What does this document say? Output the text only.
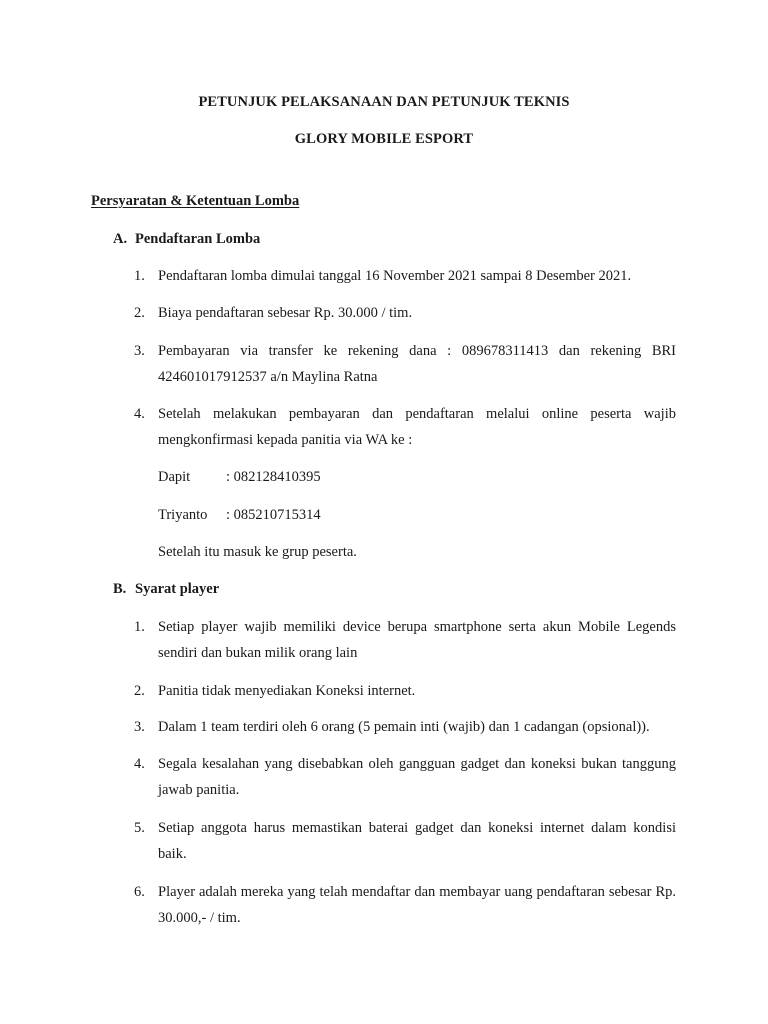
PETUNJUK PELAKSANAAN DAN PETUNJUK TEKNIS
GLORY MOBILE ESPORT
Persyaratan & Ketentuan Lomba
A. Pendaftaran Lomba
1. Pendaftaran lomba dimulai tanggal 16 November 2021 sampai 8 Desember 2021.
2. Biaya pendaftaran sebesar Rp. 30.000 / tim.
3. Pembayaran via transfer ke rekening dana : 089678311413 dan rekening BRI 424601017912537 a/n Maylina Ratna
4. Setelah melakukan pembayaran dan pendaftaran melalui online peserta wajib mengkonfirmasi kepada panitia via WA ke :
Dapit : 082128410395
Triyanto : 085210715314
Setelah itu masuk ke grup peserta.
B. Syarat player
1. Setiap player wajib memiliki device berupa smartphone serta akun Mobile Legends sendiri dan bukan milik orang lain
2. Panitia tidak menyediakan Koneksi internet.
3. Dalam 1 team terdiri oleh 6 orang (5 pemain inti (wajib) dan 1 cadangan (opsional)).
4. Segala kesalahan yang disebabkan oleh gangguan gadget dan koneksi bukan tanggung jawab panitia.
5. Setiap anggota harus memastikan baterai gadget dan koneksi internet dalam kondisi baik.
6. Player adalah mereka yang telah mendaftar dan membayar uang pendaftaran sebesar Rp. 30.000,- / tim.
